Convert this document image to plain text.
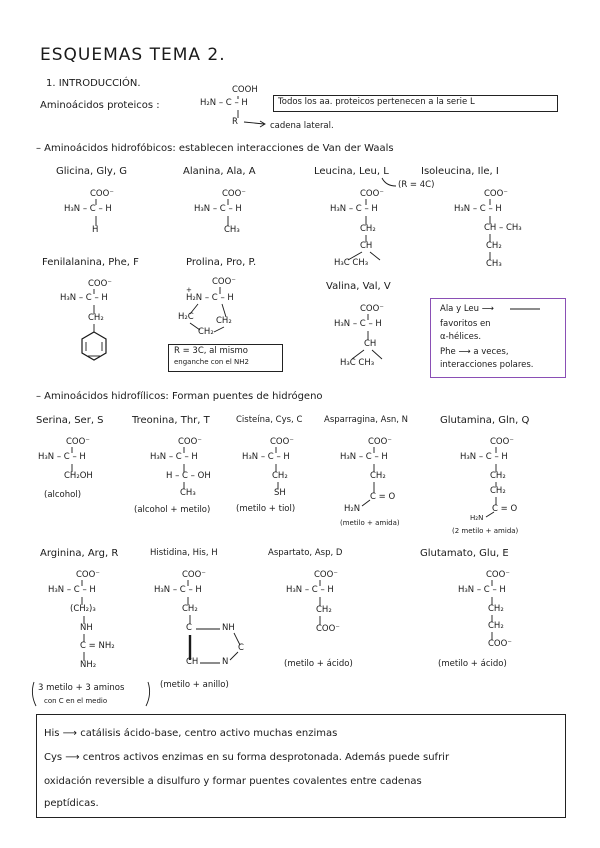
ESQUEMAS TEMA 2.
1. INTRODUCCIÓN.
Aminoácidos proteicos :
COOH
H₂N – C – H
R	cadena lateral.
Todos los aa. proteicos pertenecen a la serie L
– Aminoácidos hidrofóbicos: establecen interacciones de Van der Waals
Glicina, Gly, G	Alanina, Ala, A	Leucina, Leu, L	Isoleucina, Ile, I
(R = 4C)
COO⁻
H₃N – C – H
H
COO⁻
H₃N – C – H
CH₃
COO⁻
H₃N – C – H
CH₂
CH
H₃C CH₃
COO⁻
H₃N – C – H
CH – CH₃
CH₂
CH₃
Fenilalanina, Phe, F	Prolina, Pro, P.
Valina, Val, V
COO⁻
H₃N – C – H
CH₂
COO⁻
+
H₂N – C – H
H₂C	CH₂
CH₂
R = 3C, al mismo
enganche con el NH2
COO⁻
H₃N – C – H
CH
H₃C CH₃
Ala y Leu ⟶
favoritos en
α-hélices.
Phe ⟶ a veces,
interacciones polares.
– Aminoácidos hidrofílicos: Forman puentes de hidrógeno
Serina, Ser, S	Treonina, Thr, T	Cisteína, Cys, C	Asparragina, Asn, N	Glutamina, Gln, Q
COO⁻
H₃N – C – H
CH₂OH
(alcohol)
COO⁻
H₃N – C – H
H – C – OH
CH₃
(alcohol + metilo)
COO⁻
H₃N – C – H
CH₂
SH
(metilo + tiol)
COO⁻
H₃N – C – H
CH₂
C = O
H₂N
(metilo + amida)
COO⁻
H₃N – C – H
CH₂
CH₂
C = O
H₂N
(2 metilo + amida)
Arginina, Arg, R	Histidina, His, H	Aspartato, Asp, D	Glutamato, Glu, E
COO⁻
H₃N – C – H
(CH₂)₃
NH
C = NH₂
NH₂
3 metilo + 3 aminos
con C en el medio
COO⁻
H₃N – C – H
CH₂
C	NH
C
CH	N
(metilo + anillo)
COO⁻
H₃N – C – H
CH₂
COO⁻
(metilo + ácido)
COO⁻
H₃N – C – H
CH₂
CH₂
COO⁻
(metilo + ácido)
His ⟶ catálisis ácido-base, centro activo muchas enzimas
Cys ⟶ centros activos enzimas en su forma desprotonada. Además puede sufrir
oxidación reversible a disulfuro y formar puentes covalentes entre cadenas
peptídicas.
